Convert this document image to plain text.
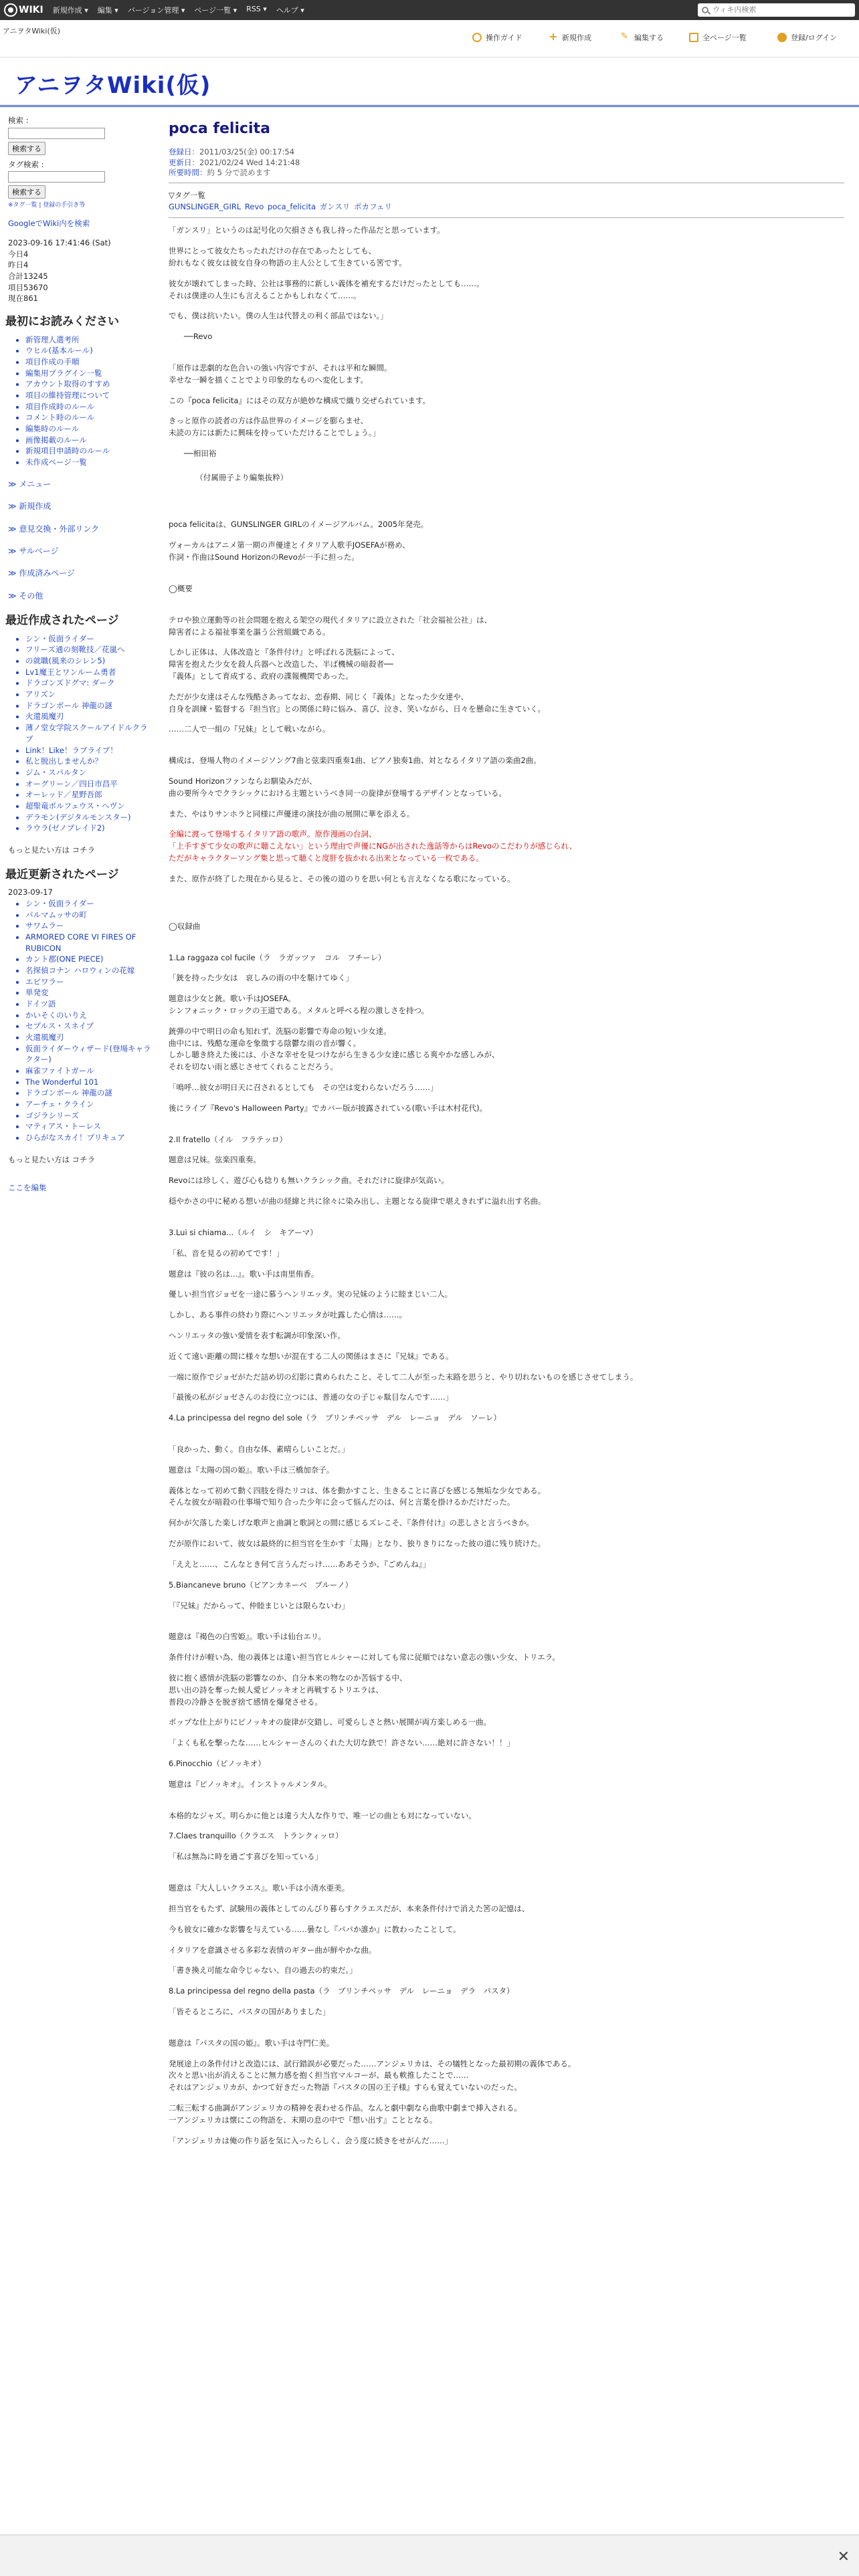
WIKI 新規作成 ▾ 編集 ▾ バージョン管理 ▾ ページ一覧 ▾ RSS ▾ ヘルプ ▾
ウィキ内検索
アニヲタWiki(仮)
操作ガイド + 新規作成	✎ 編集する	全ページ一覧	登録/ログイン
アニヲタWiki(仮)
検索 :
検索する
タグ検索 :
検索する
※タグ一覧 | 登録の手引き等
GoogleでWiki内を検索
2023-09-16 17:41:46 (Sat)
今日4
昨日4
合計13245
項目53670
現在861
最初にお読みください
• 新管理人選考所
• ウヒル(基本ルール)
• 項目作成の手順
• 編集用プラグイン一覧
• アカウント取得のすすめ
• 項目の維持管理について
• 項目作成時のルール
• コメント時のルール
• 編集時のルール
• 画像掲載のルール
• 新規項目申請時のルール
• 未作成ページ一覧
≫ メニュー
≫ 新規作成
≫ 意見交換・外部リンク
≫ サルベージ
≫ 作成済みページ
≫ その他
最近作成されたページ
• シン・仮面ライダー
• フリーズ通の刻靴技／花嵐へ
• の就職(風来のシレン5)
• Lv1魔王とワンルーム勇者
• ドラゴンズドグマ: ダーク
• アリズン
• ドラゴンボール 神龍の謎
• 火還風魔刃
• 薄ノ堂女学院スクールアイドルクラブ
• Link！Like！ラブライブ！
• 私と脱出しませんか？
• ジム・スパルタン
• オーグリーン／四日市昌平
• オーレッド／星野吾郎
• 超聖竜ボルフェウス・ヘヴン
• デラモン(デジタルモンスター)
• ラウラ(ゼノブレイド2)
もっと見たい方は コチラ
最近更新されたページ
2023-09-17
• シン・仮面ライダー
• パルマムッサの町
• サワムラー
• ARMORED CORE VI FIRES OF RUBICON
• カント郡(ONE PIECE)
• 名探偵コナン ハロウィンの花嫁
• エビワラー
• 単発変
• ドイツ語
• かいそくのいりえ
• セプルス・スネイプ
• 火還風魔刃
• 仮面ライダーウィザード(登場キャラクター)
• 麻雀ファイトガール
• The Wonderful 101
• ドラゴンボール 神龍の謎
• アーチェ・クライン
• ゴジラシリーズ
• マティアス・トーレス
• ひらがなスカイ！プリキュア
もっと見たい方は コチラ
ここを編集
poca felicita
登録日：2011/03/25(金) 00:17:54
更新日：2021/02/24 Wed 14:21:48
所要時間：約 5 分で読めます
▽タグ一覧
GUNSLINGER_GIRL Revo poca_felicita ガンスリ ポカフェリ

「ガンスリ」というのは記号化の欠損ささも我し持った作品だと思っています。

世界にとって彼女たちったれだけの存在であったとしても、
紛れもなく彼女は彼女自身の物語の主人公として生きている筈です。

彼女が壊れてしまった時、公社は事務的に新しい義体を補充するだけだったとしても……。
それは僕達の人生にも言えることかもしれなくて……。

でも、僕は抗いたい。僕の人生は代替えの利く部品ではない。」

　　──Revo

「原作は悲劇的な色合いの強い内容ですが、それは平和な瞬間。
幸せな一瞬を描くことでより印象的なものへ変化します。

この『poca felicita』にはその双方が絶妙な構成で織り交ぜられています。

きっと原作の読者の方は作品世界のイメージを膨らませ、
未読の方には新たに興味を持っていただけることでしょう。」

　　──相田裕

　　　　（付属冊子より編集抜粋）

poca felicitaは、GUNSLINGER GIRLのイメージアルバム。2005年発売。

ヴォーカルはアニメ第一期の声優達とイタリア人歌手JOSEFAが務め、
作詞・作曲はSound HorizonのRevoが一手に担った。

◯概要

テロや独立運動等の社会問題を抱える架空の現代イタリアに設立された「社会福祉公社」は、
障害者による福祉事業を謳う公営組織である。

しかし正体は、人体改造と『条件付け』と呼ばれる洗脳によって、
障害を抱えた少女を殺人兵器へと改造した、半ば機械の暗殺者──
『義体』として育成する、政府の諜報機関であった。

ただが少女達はそんな残酷さあってなお、恋春期、同じく『義体』となった少女達や、
自身を訓練・監督する『担当官』との関係に時に悩み、喜び、泣き、笑いながら、日々を懸命に生きていく。

……二人で一組の『兄妹』として戦いながら。

構成は、登場人物のイメージソング7曲と弦楽四重奏1曲、ピアノ独奏1曲、対となるイタリア語の楽曲2曲。

Sound Horizonファンならお馴染みだが、
曲の要所今々でクラシックにおける主題というべき同一の旋律が登場するデザインとなっている。

また、やはりサンホラと同様に声優達の演技が曲の展開に華を添える。

全編に渡って登場するイタリア語の歌声。原作漫画の台詞、
「上手すぎて少女の歌声に聴こえない」という理由で声優にNGが出された逸話等からはRevoのこだわりが感じられ、
ただがキャラクターソング集と思って聴くと度肝を抜かれる出来となっている一枚である。

また、原作が終了した現在から見ると、その後の道のりを思い何とも言えなくなる歌になっている。

◯収録曲

1.La raggaza col fucile（ラ　ラガッツァ　コル　フチーレ）

「銃を持った少女は　哀しみの雨の中を駆けてゆく」

題意は少女と銃。歌い手はJOSEFA。
シンフォニック・ロックの王道である。メタルと呼べる程の激しさを持つ。

銃弾の中で明日の命も知れず、洗脳の影響で寿命の短い少女達。
曲中には、残酷な運命を象徴する陰鬱な雨の音が響く。
しかし聴き終えた後には、小さな幸せを見つけながら生きる少女達に感じる爽やかな感しみが、
それを切ない雨と感じさせてくれることだろう。

「鳴呼…彼女が明日天に召されるとしても　その空は変わらないだろう……」

後にライブ『Revo's Halloween Party』でカバー版が披露されている(歌い手は木村花代)。

2.Il fratello（イル　フラテッロ）

題意は兄妹。弦楽四重奏。

Revoには珍しく、遊び心も捻りも無いクラシック曲。それだけに旋律が気高い。

穏やかさの中に秘める想いが曲の経緯と共に徐々に染み出し、主題となる旋律で堪えきれずに溢れ出す名曲。

3.Lui si chiama...（ルイ　シ　キアーマ）

「私、音を見るの初めてです！」

題意は『彼の名は…』。歌い手は南里侑香。

優しい担当官ジョゼを一途に慕うヘンリエッタ。実の兄妹のように睦まじい二人。

しかし、ある事件の終わり際にヘンリエッタが吐露した心情は……。

ヘンリエッタの強い愛情を表す転調が印象深い作。

近くて遠い距離の間に様々な想いが混在する二人の関係はまさに『兄妹』である。

一端に原作でジョゼがただ詰め切の幻影に責められたこと、そして二人が至った末路を思うと、やり切れないものを感じさせてしまう。

「最後の私がジョゼさんのお役に立つには、普通の女の子じゃ駄目なんです……」

4.La principessa del regno del sole（ラ　プリンチペッサ　デル　レーニョ　デル　ソーレ）

「良かった、動く。自由な体、素晴らしいことだ。」

題意は『太陽の国の姫』。歌い手は三橋加奈子。

義体となって初めて動く四肢を得たリコは、体を動かすこと、生きることに喜びを感じる無垢な少女である。
そんな彼女が暗殺の仕事場で知り合った少年に会って悩んだのは、何と言葉を掛けるかだけだった。

何かが欠落した楽しげな歌声と曲調と歌詞との間に感じるズレこそ、『条件付け』の悲しさと言うべきか。

だが原作において、彼女は最終的に担当官を生かす「太陽」となり、独りきりになった彼の道に残り続けた。

「ええと……、こんなとき何て言うんだっけ……ああそうか、『ごめんね』」

5.Biancaneve bruno（ビアンカネーベ　ブルーノ）

「『兄妹』だからって、仲睦まじいとは限らないわ」

題意は『褐色の白雪姫』。歌い手は仙台エリ。

条件付けが軽い為、他の義体とは違い担当官ヒルシャーに対しても常に従順ではない意志の強い少女、トリエラ。

彼に抱く感情が洗脳の影響なのか、自分本来の物なのか苦悩する中、
思い出の詩を奪った候人愛ピノッキオと再戦するトリエラは、
普段の冷静さを脱ぎ捨て感情を爆発させる。

ポップな仕上がりにピノッキオの旋律が交錯し、可愛らしさと熱い展開が両方楽しめる一曲。

「よくも私を撃ったな……ヒルシャーさんのくれた大切な鉄で！許さない……絶対に許さない！！」

6.Pinocchio（ピノッキオ）

題意は『ピノッキオ』。インストゥルメンタル。

本格的なジャズ。明らかに他とは違う大人な作りで、唯一ピの曲とも対になっていない。

7.Claes tranquillo（クラエス　トランクィッロ）

「私は無為に時を過ごす喜びを知っている」

題意は『大人しいクラエス』。歌い手は小清水亜美。

担当官をもたず、試験用の義体としてのんびり暮らすクラエスだが、本来条件付けで消えた筈の記憶は、

今も彼女に確かな影響を与えている……曇なし『パパか誰か』に教わったことして。

イタリアを意識させる多彩な表情のギター曲が鮮やかな曲。

「書き換え可能な命令じゃない、自の過去の約束だ。」

8.La principessa del regno della pasta（ラ　プリンチペッサ　デル　レーニョ　デラ　パスタ）

「皆そるところに、パスタの国がありました」

題意は『パスタの国の姫』。歌い手は寺門仁美。

発展途上の条件付けと改造には、試行錯誤が必要だった……アンジェリカは、その犠牲となった最初期の義体である。
次々と思い出が消えることに無力感を抱く担当官マルコーが、最も軟推したことで……
それはアンジェリカが、かつて好きだった物語『パスタの国の王子様』すらも覚えていないのだった。

二転三転する曲調がアンジェリカの精神を表わせる作品。なんと劇中劇なら曲歌中劇まで挿入される。
一アンジェリカは懐にこの物語を、末期の息の中で『想い出す』こととなる。

「アンジェリカは俺の作り話を気に入ったらしく、会う度に続きをせがんだ……」

✕
